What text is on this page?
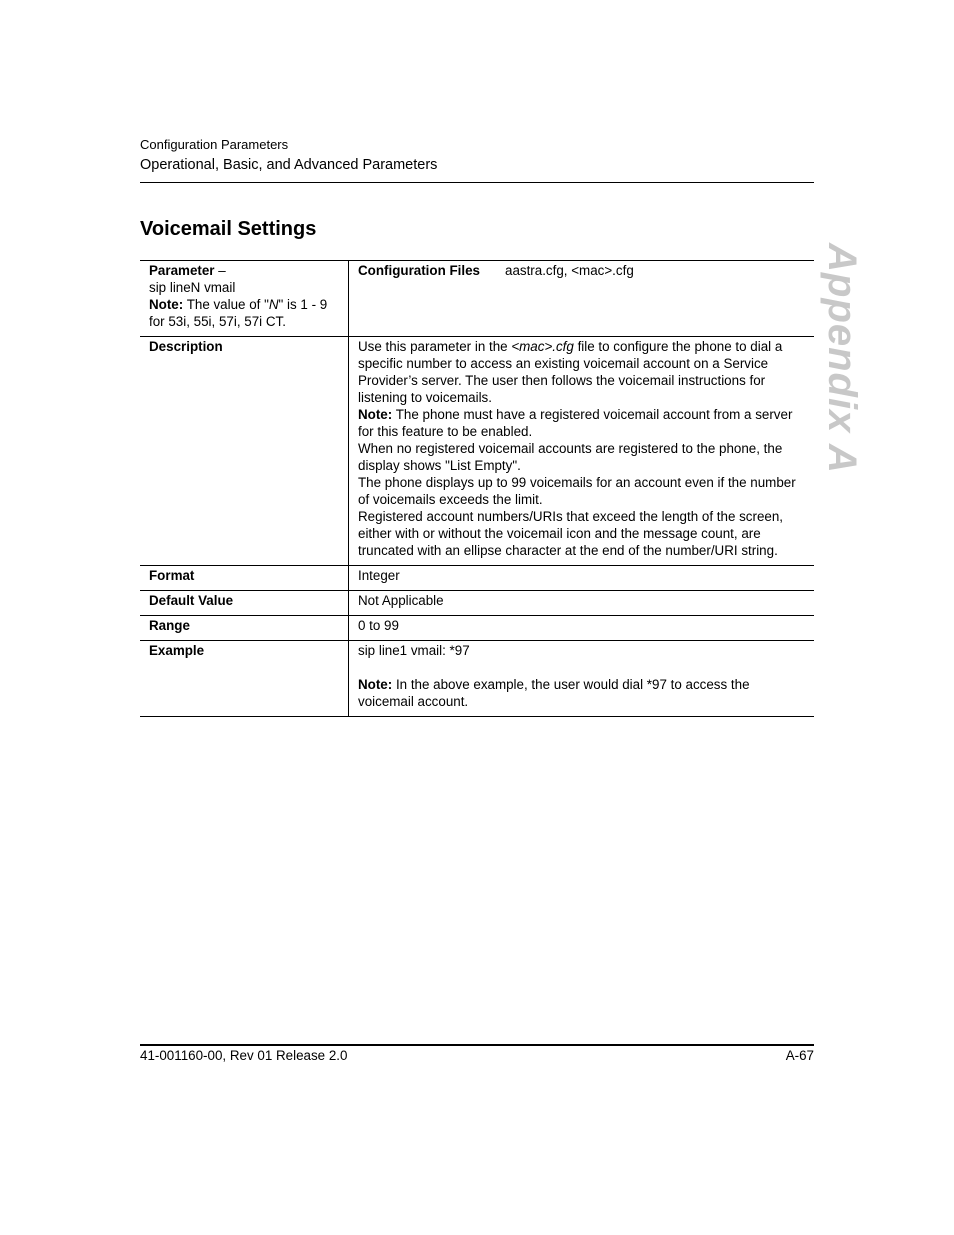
Configuration Parameters
Operational, Basic, and Advanced Parameters
Appendix A
Voicemail Settings
Parameter –
sip lineN vmail
Note: The value of "N" is 1 - 9 for 53i, 55i, 57i, 57i CT.	Configuration Files aastra.cfg, <mac>.cfg
Description	Use this parameter in the <mac>.cfg file to configure the phone to dial a specific number to access an existing voicemail account on a Service Provider’s server. The user then follows the voicemail instructions for listening to voicemails.
Note: The phone must have a registered voicemail account from a server for this feature to be enabled.
When no registered voicemail accounts are registered to the phone, the display shows "List Empty".
The phone displays up to 99 voicemails for an account even if the number of voicemails exceeds the limit.
Registered account numbers/URIs that exceed the length of the screen, either with or without the voicemail icon and the message count, are truncated with an ellipse character at the end of the number/URI string.

Format	Integer
Default Value	Not Applicable
Range	0 to 99
Example	sip line1 vmail: *97
Note: In the above example, the user would dial *97 to access the voicemail account.
41-001160-00, Rev 01 Release 2.0	A-67
